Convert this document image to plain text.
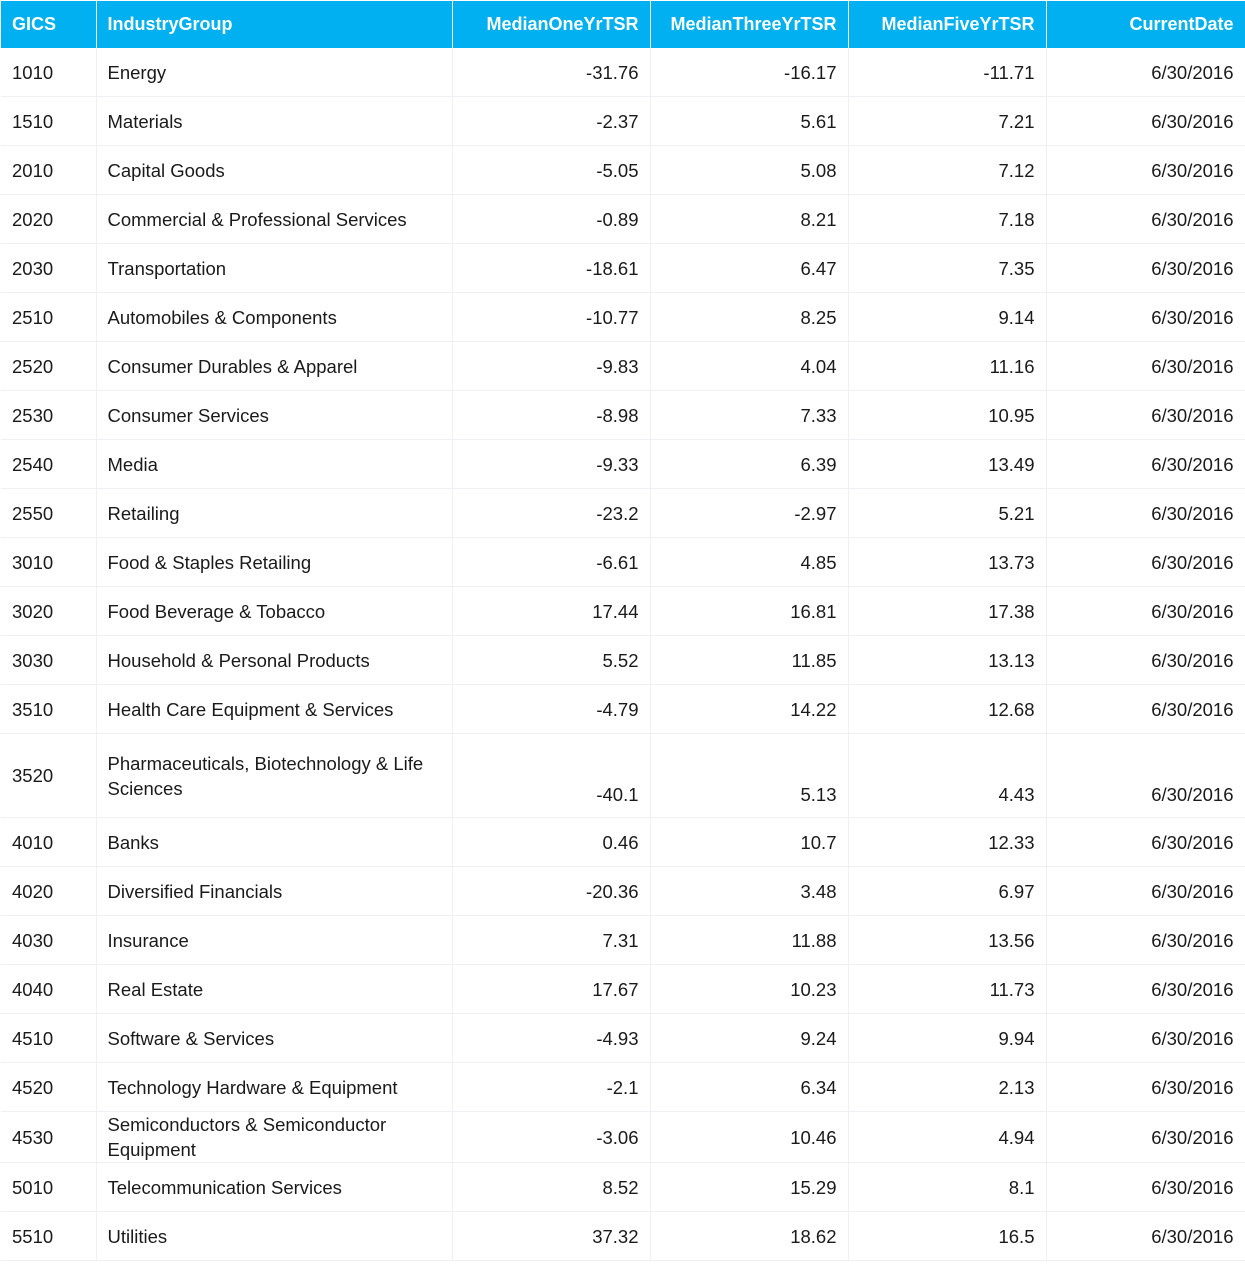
GICS	IndustryGroup	MedianOneYrTSR	MedianThreeYrTSR	MedianFiveYrTSR	CurrentDate
1010	Energy	-31.76	-16.17	-11.71	6/30/2016
1510	Materials	-2.37	5.61	7.21	6/30/2016
2010	Capital Goods	-5.05	5.08	7.12	6/30/2016
2020	Commercial & Professional Services	-0.89	8.21	7.18	6/30/2016
2030	Transportation	-18.61	6.47	7.35	6/30/2016
2510	Automobiles & Components	-10.77	8.25	9.14	6/30/2016
2520	Consumer Durables & Apparel	-9.83	4.04	11.16	6/30/2016
2530	Consumer Services	-8.98	7.33	10.95	6/30/2016
2540	Media	-9.33	6.39	13.49	6/30/2016
2550	Retailing	-23.2	-2.97	5.21	6/30/2016
3010	Food & Staples Retailing	-6.61	4.85	13.73	6/30/2016
3020	Food Beverage & Tobacco	17.44	16.81	17.38	6/30/2016
3030	Household & Personal Products	5.52	11.85	13.13	6/30/2016
3510	Health Care Equipment & Services	-4.79	14.22	12.68	6/30/2016
3520	Pharmaceuticals, Biotechnology & Life Sciences	-40.1	5.13	4.43	6/30/2016
4010	Banks	0.46	10.7	12.33	6/30/2016
4020	Diversified Financials	-20.36	3.48	6.97	6/30/2016
4030	Insurance	7.31	11.88	13.56	6/30/2016
4040	Real Estate	17.67	10.23	11.73	6/30/2016
4510	Software & Services	-4.93	9.24	9.94	6/30/2016
4520	Technology Hardware & Equipment	-2.1	6.34	2.13	6/30/2016
4530	Semiconductors & Semiconductor Equipment	-3.06	10.46	4.94	6/30/2016
5010	Telecommunication Services	8.52	15.29	8.1	6/30/2016
5510	Utilities	37.32	18.62	16.5	6/30/2016
